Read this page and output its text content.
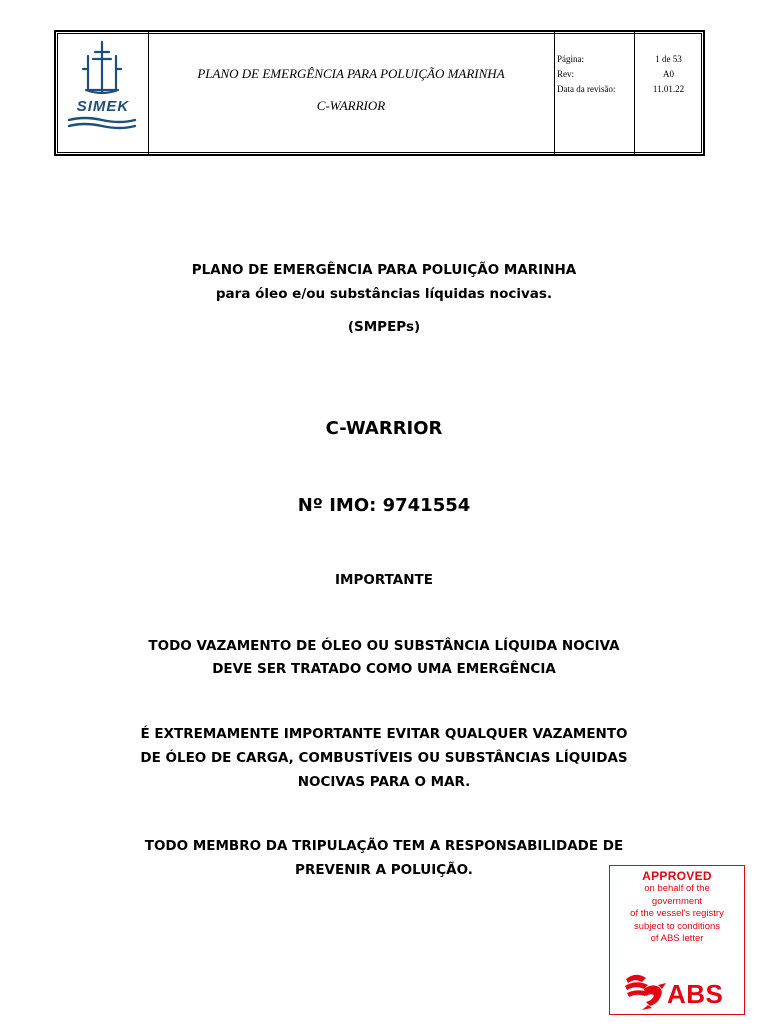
SIMEK
PLANO DE EMERGÊNCIA PARA POLUIÇÃO MARINHA
C-WARRIOR
Página:
Rev:
Data da revisão:
1 de 53
A0
11.01.22
PLANO DE EMERGÊNCIA PARA POLUIÇÃO MARINHA
para óleo e/ou substâncias líquidas nocivas.
(SMPEPs)
C-WARRIOR
Nº IMO: 9741554
IMPORTANTE
TODO VAZAMENTO DE ÓLEO OU SUBSTÂNCIA LÍQUIDA NOCIVA
DEVE SER TRATADO COMO UMA EMERGÊNCIA
É EXTREMAMENTE IMPORTANTE EVITAR QUALQUER VAZAMENTO
DE ÓLEO DE CARGA, COMBUSTÍVEIS OU SUBSTÂNCIAS LÍQUIDAS
NOCIVAS PARA O MAR.
TODO MEMBRO DA TRIPULAÇÃO TEM A RESPONSABILIDADE DE
PREVENIR A POLUIÇÃO.	APPROVED
on behalf of the
government
of the vessel's registry
subject to conditions
of ABS letter
ABS
